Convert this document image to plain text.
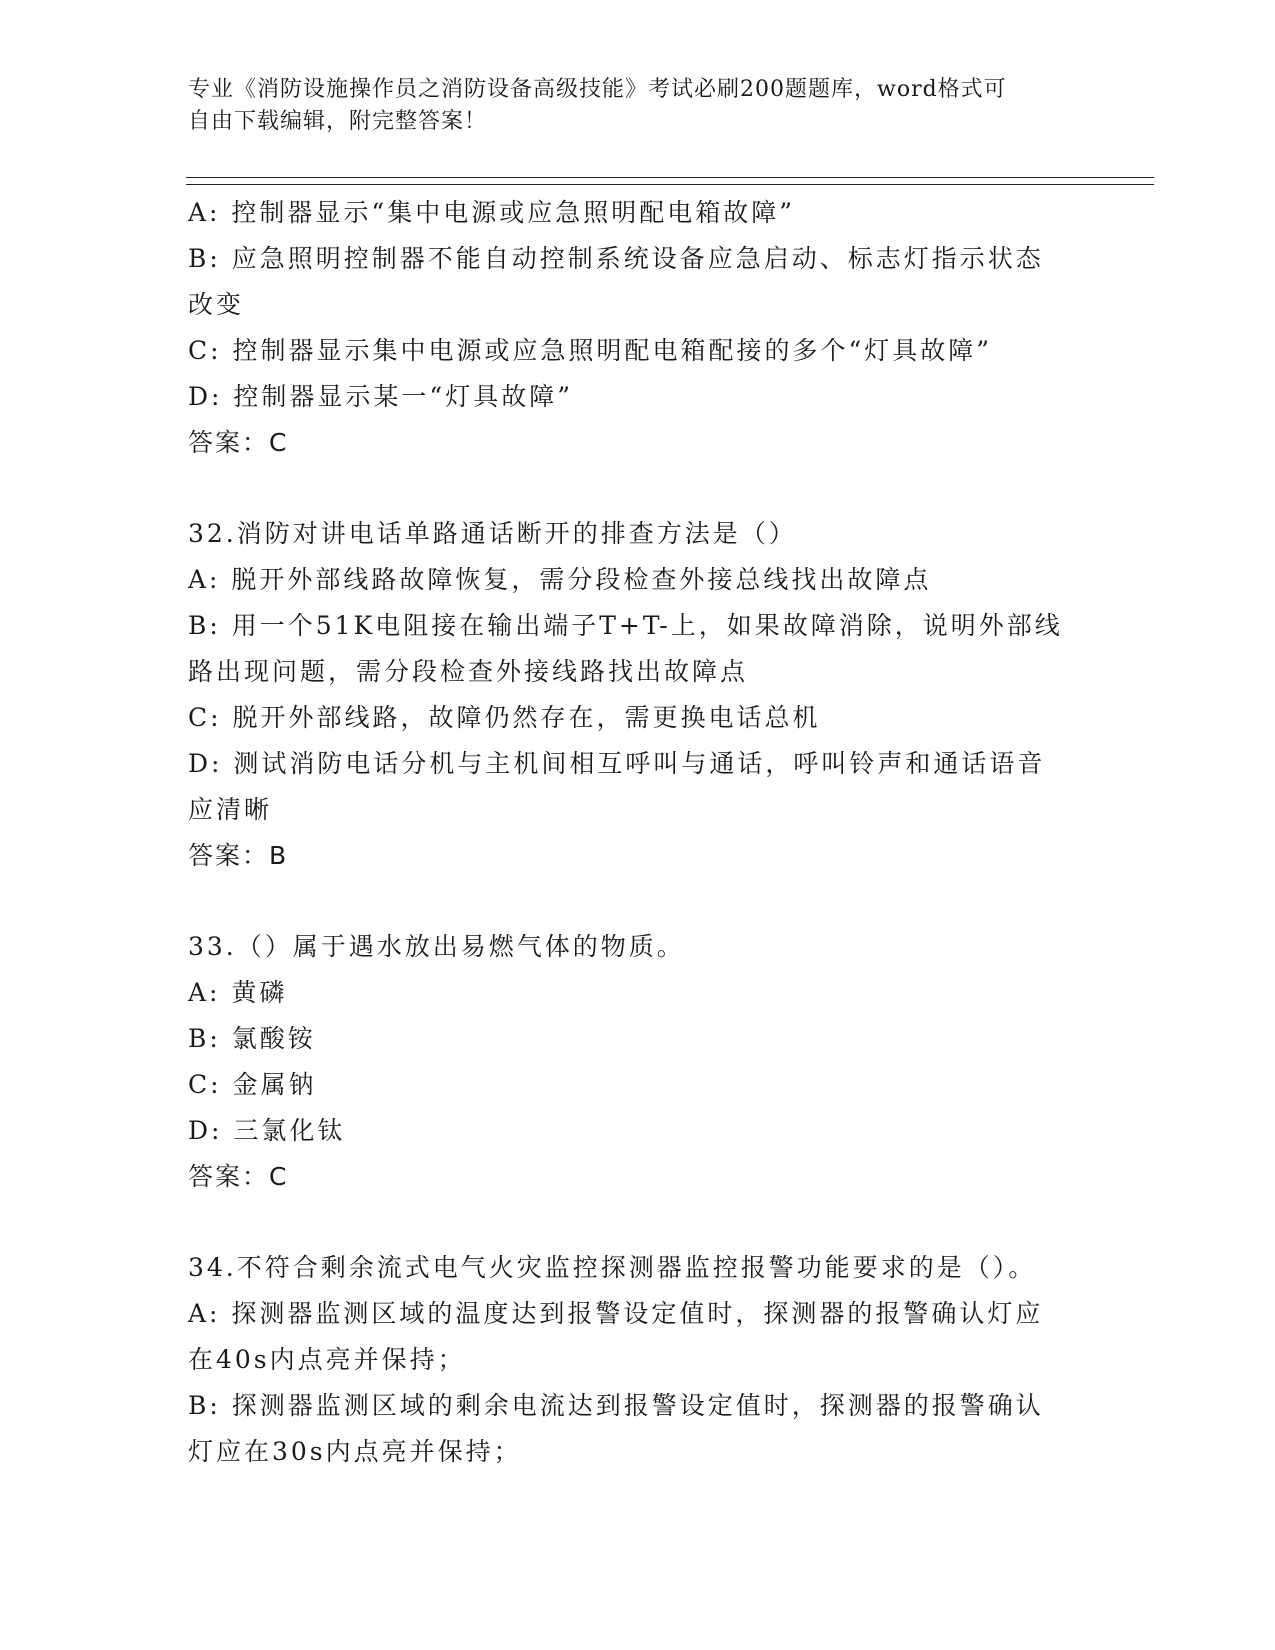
专业《消防设施操作员之消防设备高级技能》考试必刷200题题库，word格式可
自由下载编辑，附完整答案！
A: 控制器显示“集中电源或应急照明配电箱故障”
B: 应急照明控制器不能自动控制系统设备应急启动、标志灯指示状态
改变
C: 控制器显示集中电源或应急照明配电箱配接的多个“灯具故障”
D: 控制器显示某一“灯具故障”
答案：C
32.消防对讲电话单路通话断开的排查方法是（）
A: 脱开外部线路故障恢复，需分段检查外接总线找出故障点
B: 用一个51K电阻接在输出端子T+T-上，如果故障消除，说明外部线
路出现问题，需分段检查外接线路找出故障点
C: 脱开外部线路，故障仍然存在，需更换电话总机
D: 测试消防电话分机与主机间相互呼叫与通话，呼叫铃声和通话语音
应清晰
答案：B
33.（）属于遇水放出易燃气体的物质。
A: 黄磷
B: 氯酸铵
C: 金属钠
D: 三氯化钛
答案：C
34.不符合剩余流式电气火灾监控探测器监控报警功能要求的是（）。
A: 探测器监测区域的温度达到报警设定值时，探测器的报警确认灯应
在40s内点亮并保持；
B: 探测器监测区域的剩余电流达到报警设定值时，探测器的报警确认
灯应在30s内点亮并保持；
